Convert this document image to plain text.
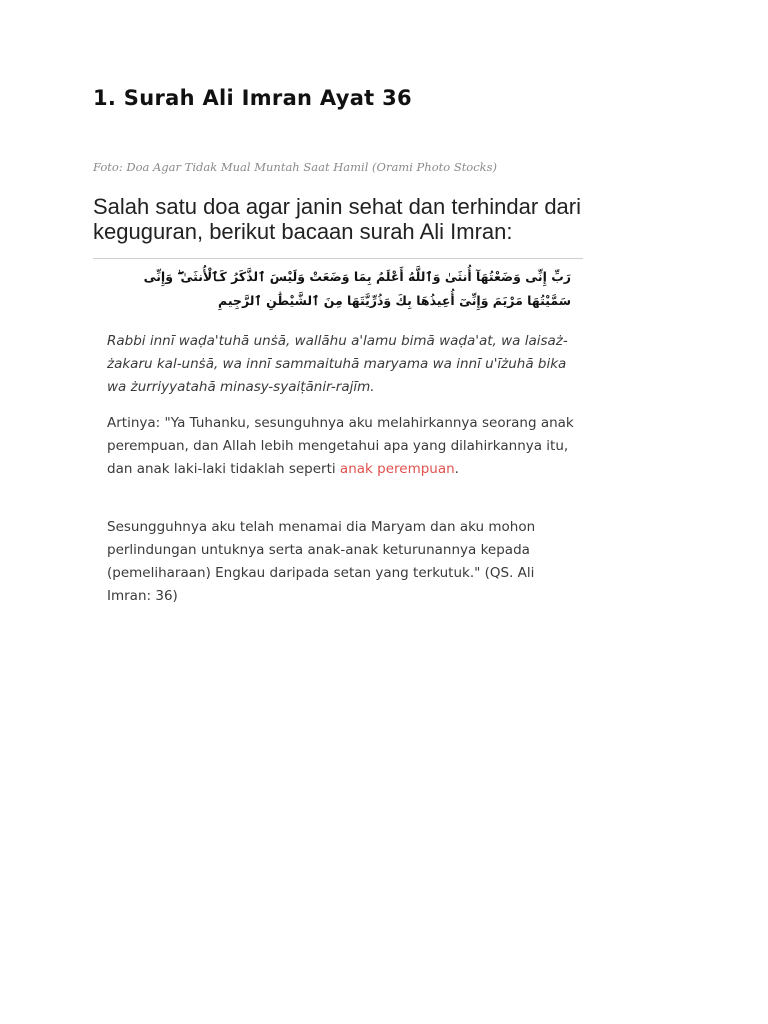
1. Surah Ali Imran Ayat 36
Foto: Doa Agar Tidak Mual Muntah Saat Hamil (Orami Photo Stocks)
Salah satu doa agar janin sehat dan terhindar dari keguguran, berikut bacaan surah Ali Imran:
رَبِّ إِنِّى وَضَعْتُهَآ أُنثَىٰ وَٱللَّهُ أَعْلَمُ بِمَا وَضَعَتْ وَلَيْسَ ٱلذَّكَرُ كَٱلْأُنثَىٰ ۖ وَإِنِّى سَمَّيْتُهَا مَرْيَمَ وَإِنِّىٓ أُعِيذُهَا بِكَ وَذُرِّيَّتَهَا مِنَ ٱلشَّيْطَٰنِ ٱلرَّجِيمِ
Rabbi innī waḍa'tuhā unṡā, wallāhu a'lamu bimā waḍa'at, wa laisaż-żakaru kal-unṡā, wa innī sammaituhā maryama wa innī u'īżuhā bika wa żurriyyatahā minasy-syaiṭānir-rajīm.
Artinya: "Ya Tuhanku, sesunguhnya aku melahirkannya seorang anak perempuan, dan Allah lebih mengetahui apa yang dilahirkannya itu, dan anak laki-laki tidaklah seperti anak perempuan.
Sesungguhnya aku telah menamai dia Maryam dan aku mohon perlindungan untuknya serta anak-anak keturunannya kepada (pemeliharaan) Engkau daripada setan yang terkutuk." (QS. Ali Imran: 36)
